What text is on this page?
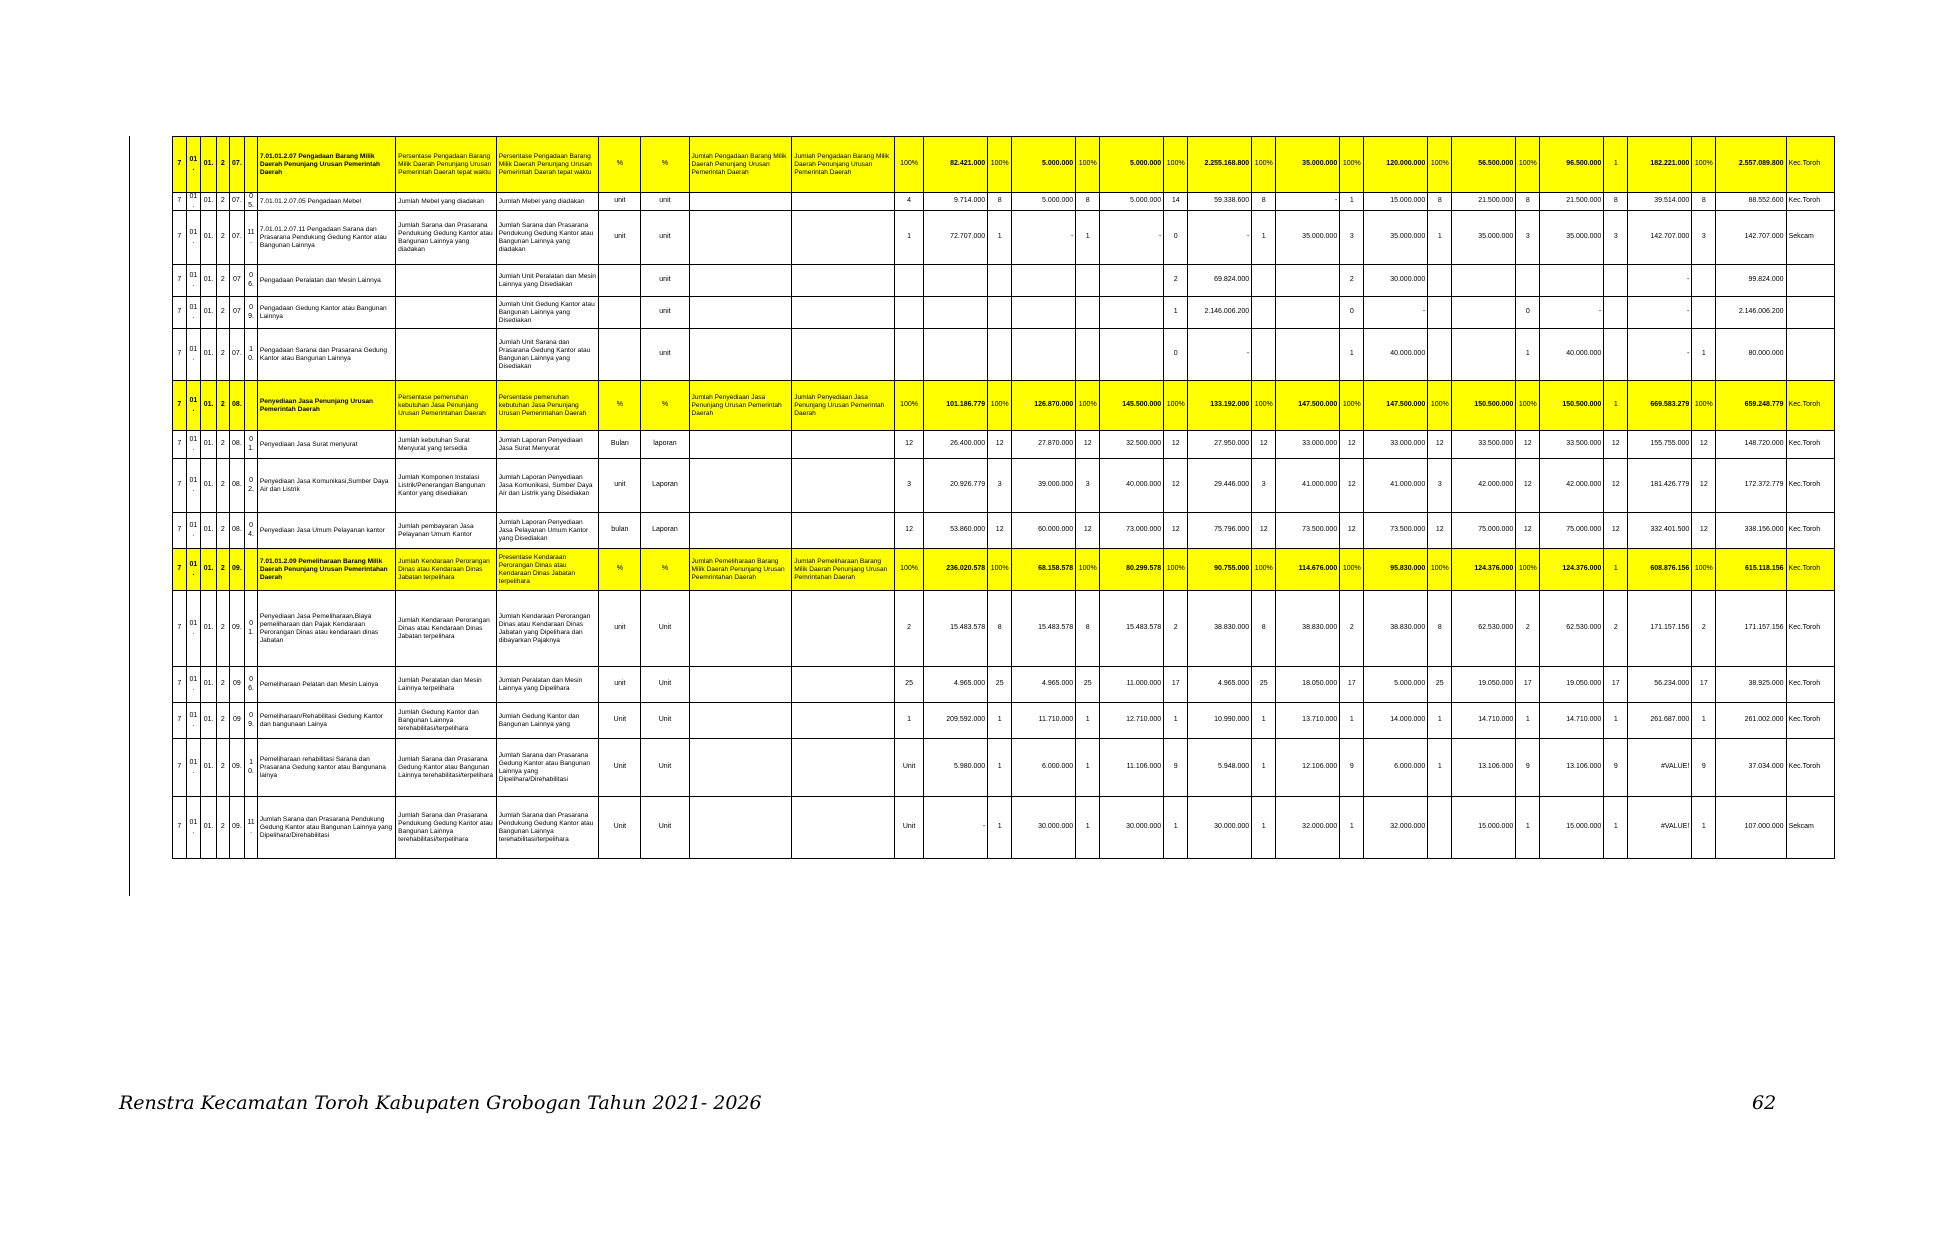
7	01.	01.	2	07.		7.01.01.2.07 Pengadaan Barang Milik Daerah Penunjang Urusan Pemerintah Daerah	Persentase Pengadaan Barang Milik Daerah Penunjang Urusan Pemerintah Daerah tepat waktu	Persentase Pengadaan Barang Milik Daerah Penunjang Urusan Pemerintah Daerah tepat waktu	%	%	Jumlah Pengadaan Barang Milik Daerah Penunjang Urusan Pemerintah Daerah	Jumlah Pengadaan Barang Milik Daerah Penunjang Urusan Pemerintah Daerah	100%	82.421.000	100%	5.000.000	100%	5.000.000	100%	2.255.168.800	100%	35.000.000	100%	120.000.000	100%	56.500.000	100%	96.500.000	1	182.221.000	100%	2.557.089.800	Kec.Toroh
7	01.	01.	2	07.	05.	7.01.01.2.07.05 Pengadaan Mebel	Jumlah Mebel yang diadakan	Jumlah Mebel yang diadakan	unit	unit			4	9.714.000	8	5.000.000	8	5.000.000	14	59.338.600	8	-	1	15.000.000	8	21.500.000	8	21.500.000	8	39.514.000	8	88.552.600	Kec.Toroh
7	01.	01.	2	07.	11.	7.01.01.2.07.11 Pengadaan Sarana dan Prasarana Pendukung Gedung Kantor atau Bangunan Lainnya	Jumlah Sarana dan Prasarana Pendukung Gedung Kantor atau Bangunan Lainnya yang diadakan	Jumlah Sarana dan Prasarana Pendukung Gedung Kantor atau Bangunan Lainnya yang diadakan	unit	unit			1	72.707.000	1	-	1	-	0	-	1	35.000.000	3	35.000.000	1	35.000.000	3	35.000.000	3	142.707.000	3	142.707.000	Sekcam
7	01.	01.	2	07	06.	Pengadaan Peralatan dan Mesin Lainnya		Jumlah Unit Peralatan dan Mesin Lainnya yang Disediakan		unit									2	69.824.000			2	30.000.000						-		99.824.000	
7	01.	01.	2	07	09.	Pengadaan Gedung Kantor atau Bangunan Lainnya		Jumlah Unit Gedung Kantor atau Bangunan Lainnya yang Disediakan		unit									1	2.146.006.200			0	-			0	-		-		2.146.006.200	
7	01.	01.	2	07.	10.	Pengadaan Sarana dan Prasarana Gedung Kantor atau Bangunan Lainnya		Jumlah Unit Sarana dan Prasarana Gedung Kantor atau Bangunan Lainnya yang Disediakan		unit									0	-			1	40.000.000			1	40.000.000		-	1	80.000.000	
7	01.	01.	2	08.		Penyediaan Jasa Penunjang Urusan Pemerintah Daerah	Persentase pemenuhan kebutuhan Jasa Penunjang Urusan Pemerintahan Daerah	Persentase pemenuhan kebutuhan Jasa Penunjang Urusan Pemerintahan Daerah	%	%	Jumlah Penyediaan Jasa Penunjang Urusan Pemerintah Daerah	Jumlah Penyediaan Jasa Penunjang Urusan Pemerintah Daerah	100%	101.186.779	100%	126.870.000	100%	145.500.000	100%	133.192.000	100%	147.500.000	100%	147.500.000	100%	150.500.000	100%	150.500.000	1	669.583.279	100%	659.248.779	Kec.Toroh
7	01.	01.	2	08.	01.	Penyediaan Jasa Surat menyurat	Jumlah kebutuhan Surat Menyurat yang tersedia	Jumlah Laporan Penyediaan Jasa Surat Menyurat	Bulan	laporan			12	26.400.000	12	27.870.000	12	32.500.000	12	27.950.000	12	33.000.000	12	33.000.000	12	33.500.000	12	33.500.000	12	155.755.000	12	148.720.000	Kec.Toroh
7	01.	01.	2	08.	02.	Penyediaan Jasa Komunikasi,Sumber Daya Air dan Listrik	Jumlah Komponen Instalasi Listrik/Penerangan Bangunan Kantor yang disediakan	Jumlah Laporan Penyediaan Jasa Komunikasi, Sumber Daya Air dan Listrik yang Disediakan	unit	Laporan			3	20.926.779	3	39.000.000	3	40.000.000	12	29.446.000	3	41.000.000	12	41.000.000	3	42.000.000	12	42.000.000	12	181.426.779	12	172.372.779	Kec.Toroh
7	01.	01.	2	08.	04.	Penyediaan Jasa Umum Pelayanan kantor	Jumlah pembayaran Jasa Pelayanan Umum Kantor	Jumlah Laporan Penyediaan Jasa Pelayanan Umum Kantor yang Disediakan	bulan	Laporan			12	53.860.000	12	60.000.000	12	73.000.000	12	75.796.000	12	73.500.000	12	73.500.000	12	75.000.000	12	75.000.000	12	332.401.500	12	338.156.000	Kec.Toroh
7	01.	01.	2	09.		7.01.01.2.09 Pemeliharaan Barang Milik Daerah Penunjang Urusan Pemerintahan Daerah	Jumlah Kendaraan Perorangan Dinas atau Kendaraan Dinas Jabatan terpelihara	Presentase Kendaraan Perorangan Dinas atau Kendaraan Dinas Jabatan terpelihara	%	%	Jumlah Pemeliharaan Barang Milik Daerah Penunjang Urusan Peemrintahan Daerah	Jumlah Pemeliharaan Barang Milik Daerah Penunjang Urusan Pemrintahan Daerah	100%	236.020.578	100%	68.158.578	100%	80.299.578	100%	90.755.000	100%	114.676.000	100%	95.830.000	100%	124.376.000	100%	124.376.000	1	608.876.156	100%	615.118.156	Kec.Toroh
7	01.	01.	2	09.	01.	Penyediaan Jasa Pemeliharaan,Biaya pemeliharaan dan Pajak Kendaraan Perorangan Dinas atau kendaraan dinas Jabatan	Jumlah Kendaraan Perorangan Dinas atau Kendaraan Dinas Jabatan terpelihara	Jumlah Kendaraan Perorangan Dinas atau Kendaraan Dinas Jabatan yang Dipelihara dan dibayarkan Pajaknya	unit	Unit			2	15.483.578	8	15.483.578	8	15.483.578	2	38.830.000	8	38.830.000	2	38.830.000	8	62.530.000	2	62.530.000	2	171.157.156	2	171.157.156	Kec.Toroh
7	01.	01.	2	09	06.	Pemeliharaan Pelatan dan Mesin Lainya	Jumlah Peralatan dan Mesin Lainnya terpelihara	Jumlah Peralatan dan Mesin Lainnya yang Dipelihara	unit	Unit			25	4.965.000	25	4.965.000	25	11.000.000	17	4.965.000	25	18.050.000	17	5.000.000	25	19.050.000	17	19.050.000	17	56.234.000	17	38.925.000	Kec.Toroh
7	01.	01.	2	09	09.	Pemeliharaan/Rehabilitasi Gedung Kantor dan bangunaan Lainya	Jumlah Gedung Kantor dan Bangunan Lainnya terehabilitasi/terpelihara	Jumlah Gedung Kantor dan Bangunan Lainnya yang	Unit	Unit			1	209.592.000	1	11.710.000	1	12.710.000	1	10.990.000	1	13.710.000	1	14.000.000	1	14.710.000	1	14.710.000	1	261.687.000	1	261.002.000	Kec.Toroh
7	01.	01.	2	09.	10.	Pemeliharaan rehabilitasi Sarana dan Prasarana Gedung kantor atau Bangunana lainya	Jumlah Sarana dan Prasarana Gedung Kantor atau Bangunan Lainnya terehabilitasi/terpelihara	Jumlah Sarana dan Prasarana Gedung Kantor atau Bangunan Lainnya yang Dipelihara/Direhabilitasi	Unit	Unit			Unit	5.980.000	1	6.000.000	1	11.106.000	9	5.948.000	1	12.106.000	9	6.000.000	1	13.106.000	9	13.106.000	9	#VALUE!	9	37.034.000	Kec.Toroh
7	01.	01.	2	09.	11.	Jumlah Sarana dan Prasarana Pendukung Gedung Kantor atau Bangunan Lainnya yang Dipelihara/Direhabilitasi	Jumlah Sarana dan Prasarana Pendukung Gedung Kantor atau Bangunan Lainnya terehabilitasi/terpelihara	Jumlah Sarana dan Prasarana Pendukung Gedung Kantor atau Bangunan Lainnya terehabilitasi/terpelihara	Unit	Unit			Unit	-	1	30.000.000	1	30.000.000	1	30.000.000	1	32.000.000	1	32.000.000		15.000.000	1	15.000.000	1	#VALUE!	1	107.000.000	Sekcam
Renstra Kecamatan Toroh Kabupaten Grobogan Tahun 2021- 2026	62
